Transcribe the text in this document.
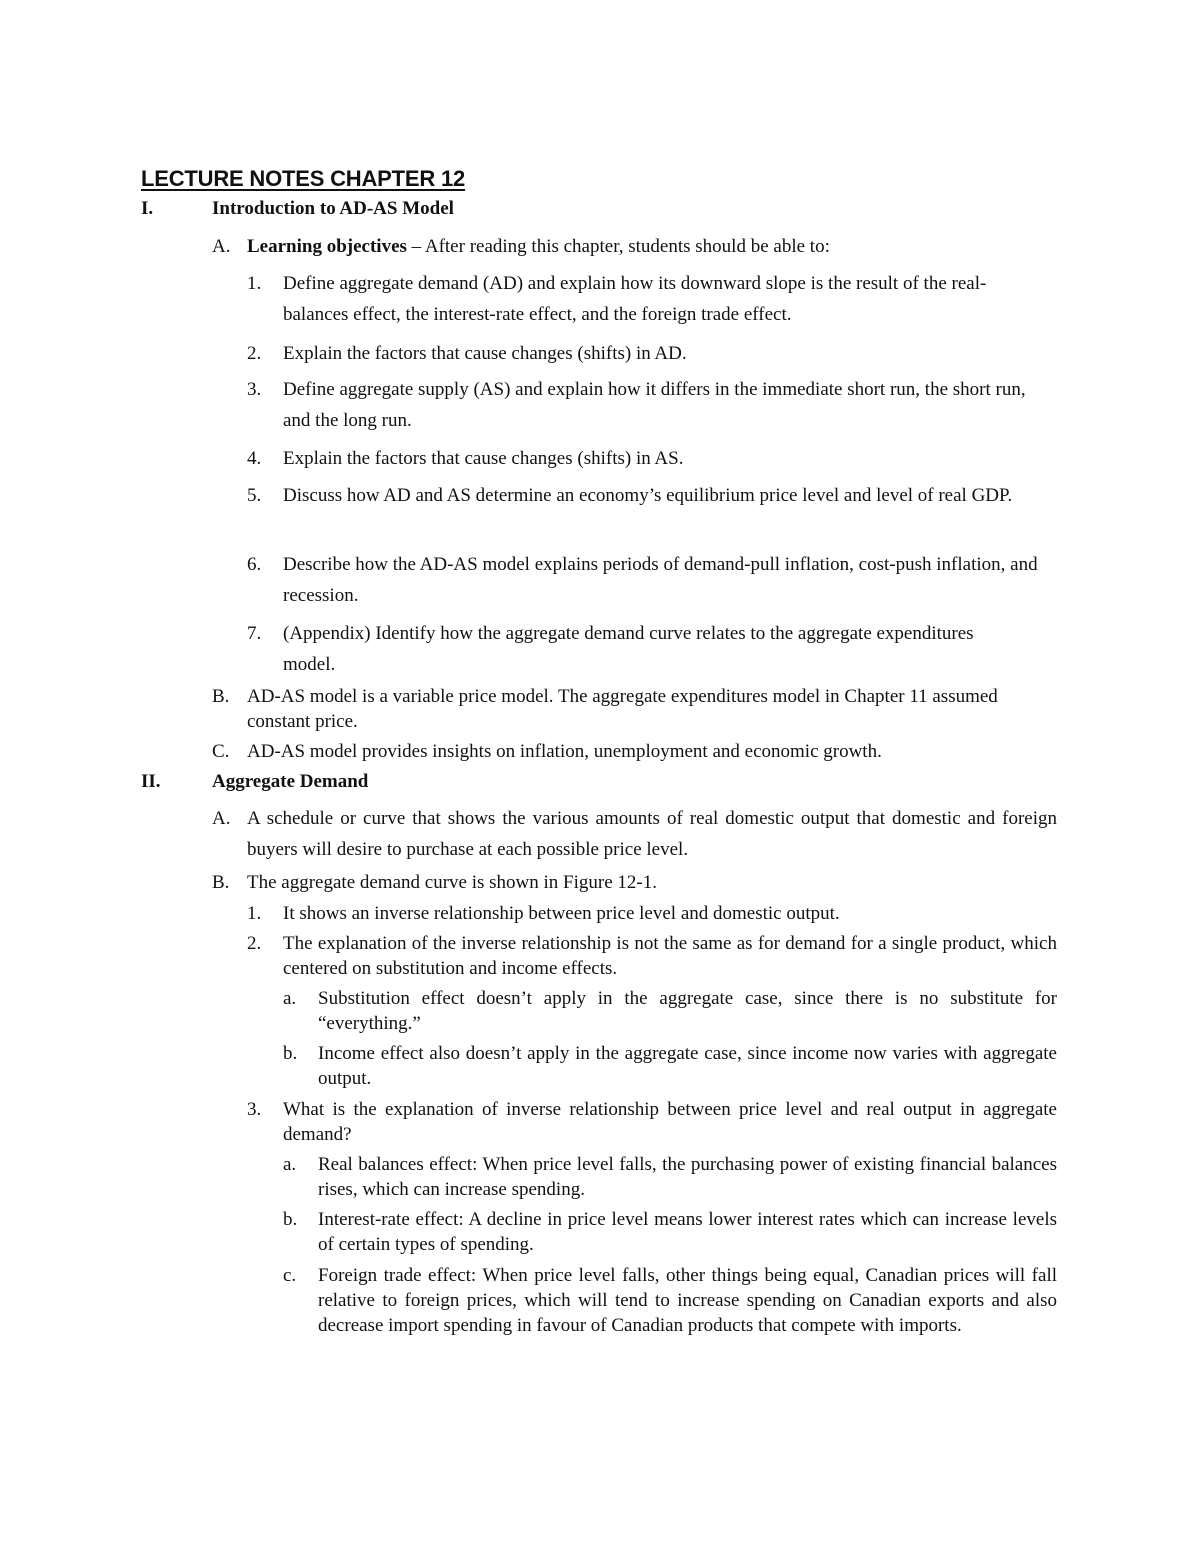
LECTURE NOTES CHAPTER 12
I.	Introduction to AD-AS Model
A. Learning objectives – After reading this chapter, students should be able to:
1. Define aggregate demand (AD) and explain how its downward slope is the result of the real-balances effect, the interest-rate effect, and the foreign trade effect.
2. Explain the factors that cause changes (shifts) in AD.
3. Define aggregate supply (AS) and explain how it differs in the immediate short run, the short run, and the long run.
4. Explain the factors that cause changes (shifts) in AS.
5. Discuss how AD and AS determine an economy’s equilibrium price level and level of real GDP.
6. Describe how the AD-AS model explains periods of demand-pull inflation, cost-push inflation, and recession.
7. (Appendix) Identify how the aggregate demand curve relates to the aggregate expenditures model.
B. AD-AS model is a variable price model. The aggregate expenditures model in Chapter 11 assumed constant price.
C. AD-AS model provides insights on inflation, unemployment and economic growth.
II.	Aggregate Demand
A. A schedule or curve that shows the various amounts of real domestic output that domestic and foreign buyers will desire to purchase at each possible price level.
B. The aggregate demand curve is shown in Figure 12-1.
1. It shows an inverse relationship between price level and domestic output.
2. The explanation of the inverse relationship is not the same as for demand for a single product, which centered on substitution and income effects.
a. Substitution effect doesn’t apply in the aggregate case, since there is no substitute for “everything.”
b. Income effect also doesn’t apply in the aggregate case, since income now varies with aggregate output.
3. What is the explanation of inverse relationship between price level and real output in aggregate demand?
a. Real balances effect: When price level falls, the purchasing power of existing financial balances rises, which can increase spending.
b. Interest-rate effect: A decline in price level means lower interest rates which can increase levels of certain types of spending.
c. Foreign trade effect: When price level falls, other things being equal, Canadian prices will fall relative to foreign prices, which will tend to increase spending on Canadian exports and also decrease import spending in favour of Canadian products that compete with imports.
